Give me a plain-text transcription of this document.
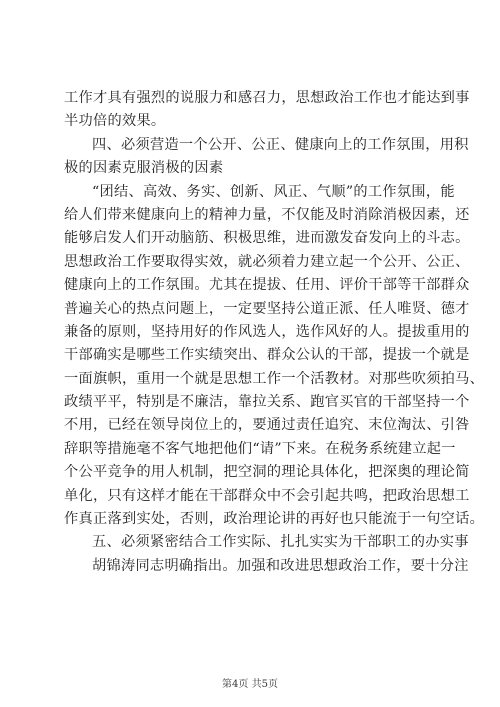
工作才具有强烈的说服力和感召力，思想政治工作也才能达到事
半功倍的效果。
四、必须营造一个公开、公正、健康向上的工作氛围，用积
极的因素克服消极的因素
“团结、高效、务实、创新、风正、气顺”的工作氛围，能
给人们带来健康向上的精神力量，不仅能及时消除消极因素，还
能够启发人们开动脑筋、积极思维，进而激发奋发向上的斗志。
思想政治工作要取得实效，就必须着力建立起一个公开、公正、
健康向上的工作氛围。尤其在提拔、任用、评价干部等干部群众
普遍关心的热点问题上，一定要坚持公道正派、任人唯贤、德才
兼备的原则，坚持用好的作风选人，选作风好的人。提拔重用的
干部确实是哪些工作实绩突出、群众公认的干部，提拔一个就是
一面旗帜，重用一个就是思想工作一个活教材。对那些吹须拍马、
政绩平平，特别是不廉洁，靠拉关系、跑官买官的干部坚持一个
不用，已经在领导岗位上的，要通过责任追究、末位淘汰、引咎
辞职等措施毫不客气地把他们“请”下来。在税务系统建立起一
个公平竞争的用人机制，把空洞的理论具体化，把深奥的理论简
单化，只有这样才能在干部群众中不会引起共鸣，把政治思想工
作真正落到实处，否则，政治理论讲的再好也只能流于一句空话。
五、必须紧密结合工作实际、扎扎实实为干部职工的办实事
胡锦涛同志明确指出。加强和改进思想政治工作，要十分注
第4页 共5页
